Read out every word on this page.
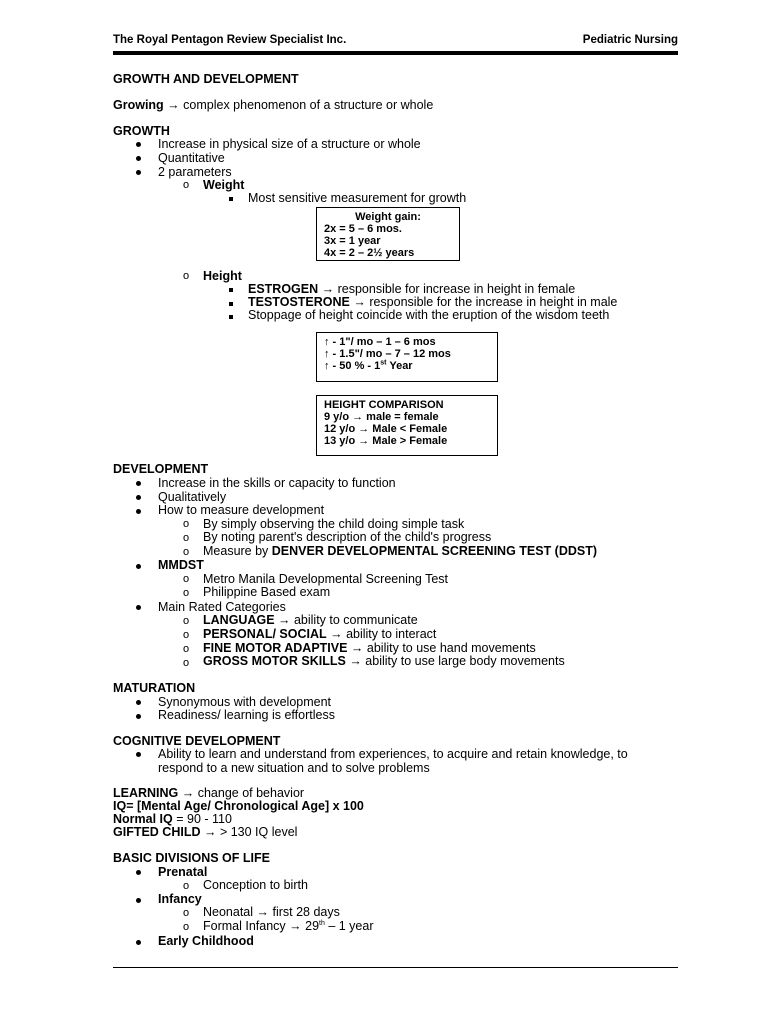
The Royal Pentagon Review Specialist Inc.	Pediatric Nursing
GROWTH AND DEVELOPMENT
Growing → complex phenomenon of a structure or whole
GROWTH
Increase in physical size of a structure or whole
Quantitative
2 parameters
o Weight
Most sensitive measurement for growth
Weight gain:
2x = 5 – 6 mos.
3x = 1 year
4x = 2 – 2½ years
o Height
ESTROGEN → responsible for increase in height in female
TESTOSTERONE → responsible for the increase in height in male
Stoppage of height coincide with the eruption of the wisdom teeth
↑ - 1"/ mo – 1 – 6 mos
↑ - 1.5"/ mo – 7 – 12 mos
↑ - 50 % - 1st Year
HEIGHT COMPARISON
9 y/o → male = female
12 y/o → Male < Female
13 y/o → Male > Female
DEVELOPMENT
Increase in the skills or capacity to function
Qualitatively
How to measure development
o By simply observing the child doing simple task
o By noting parent's description of the child's progress
o Measure by DENVER DEVELOPMENTAL SCREENING TEST (DDST)
MMDST
o Metro Manila Developmental Screening Test
o Philippine Based exam
Main Rated Categories
o LANGUAGE → ability to communicate
o PERSONAL/ SOCIAL → ability to interact
o FINE MOTOR ADAPTIVE → ability to use hand movements
o GROSS MOTOR SKILLS → ability to use large body movements
MATURATION
Synonymous with development
Readiness/ learning is effortless
COGNITIVE DEVELOPMENT
Ability to learn and understand from experiences, to acquire and retain knowledge, to
respond to a new situation and to solve problems
LEARNING → change of behavior
IQ= [Mental Age/ Chronological Age] x 100
Normal IQ = 90 - 110
GIFTED CHILD → > 130 IQ level
BASIC DIVISIONS OF LIFE
Prenatal
o Conception to birth
Infancy
o Neonatal → first 28 days
o Formal Infancy → 29th – 1 year
Early Childhood
